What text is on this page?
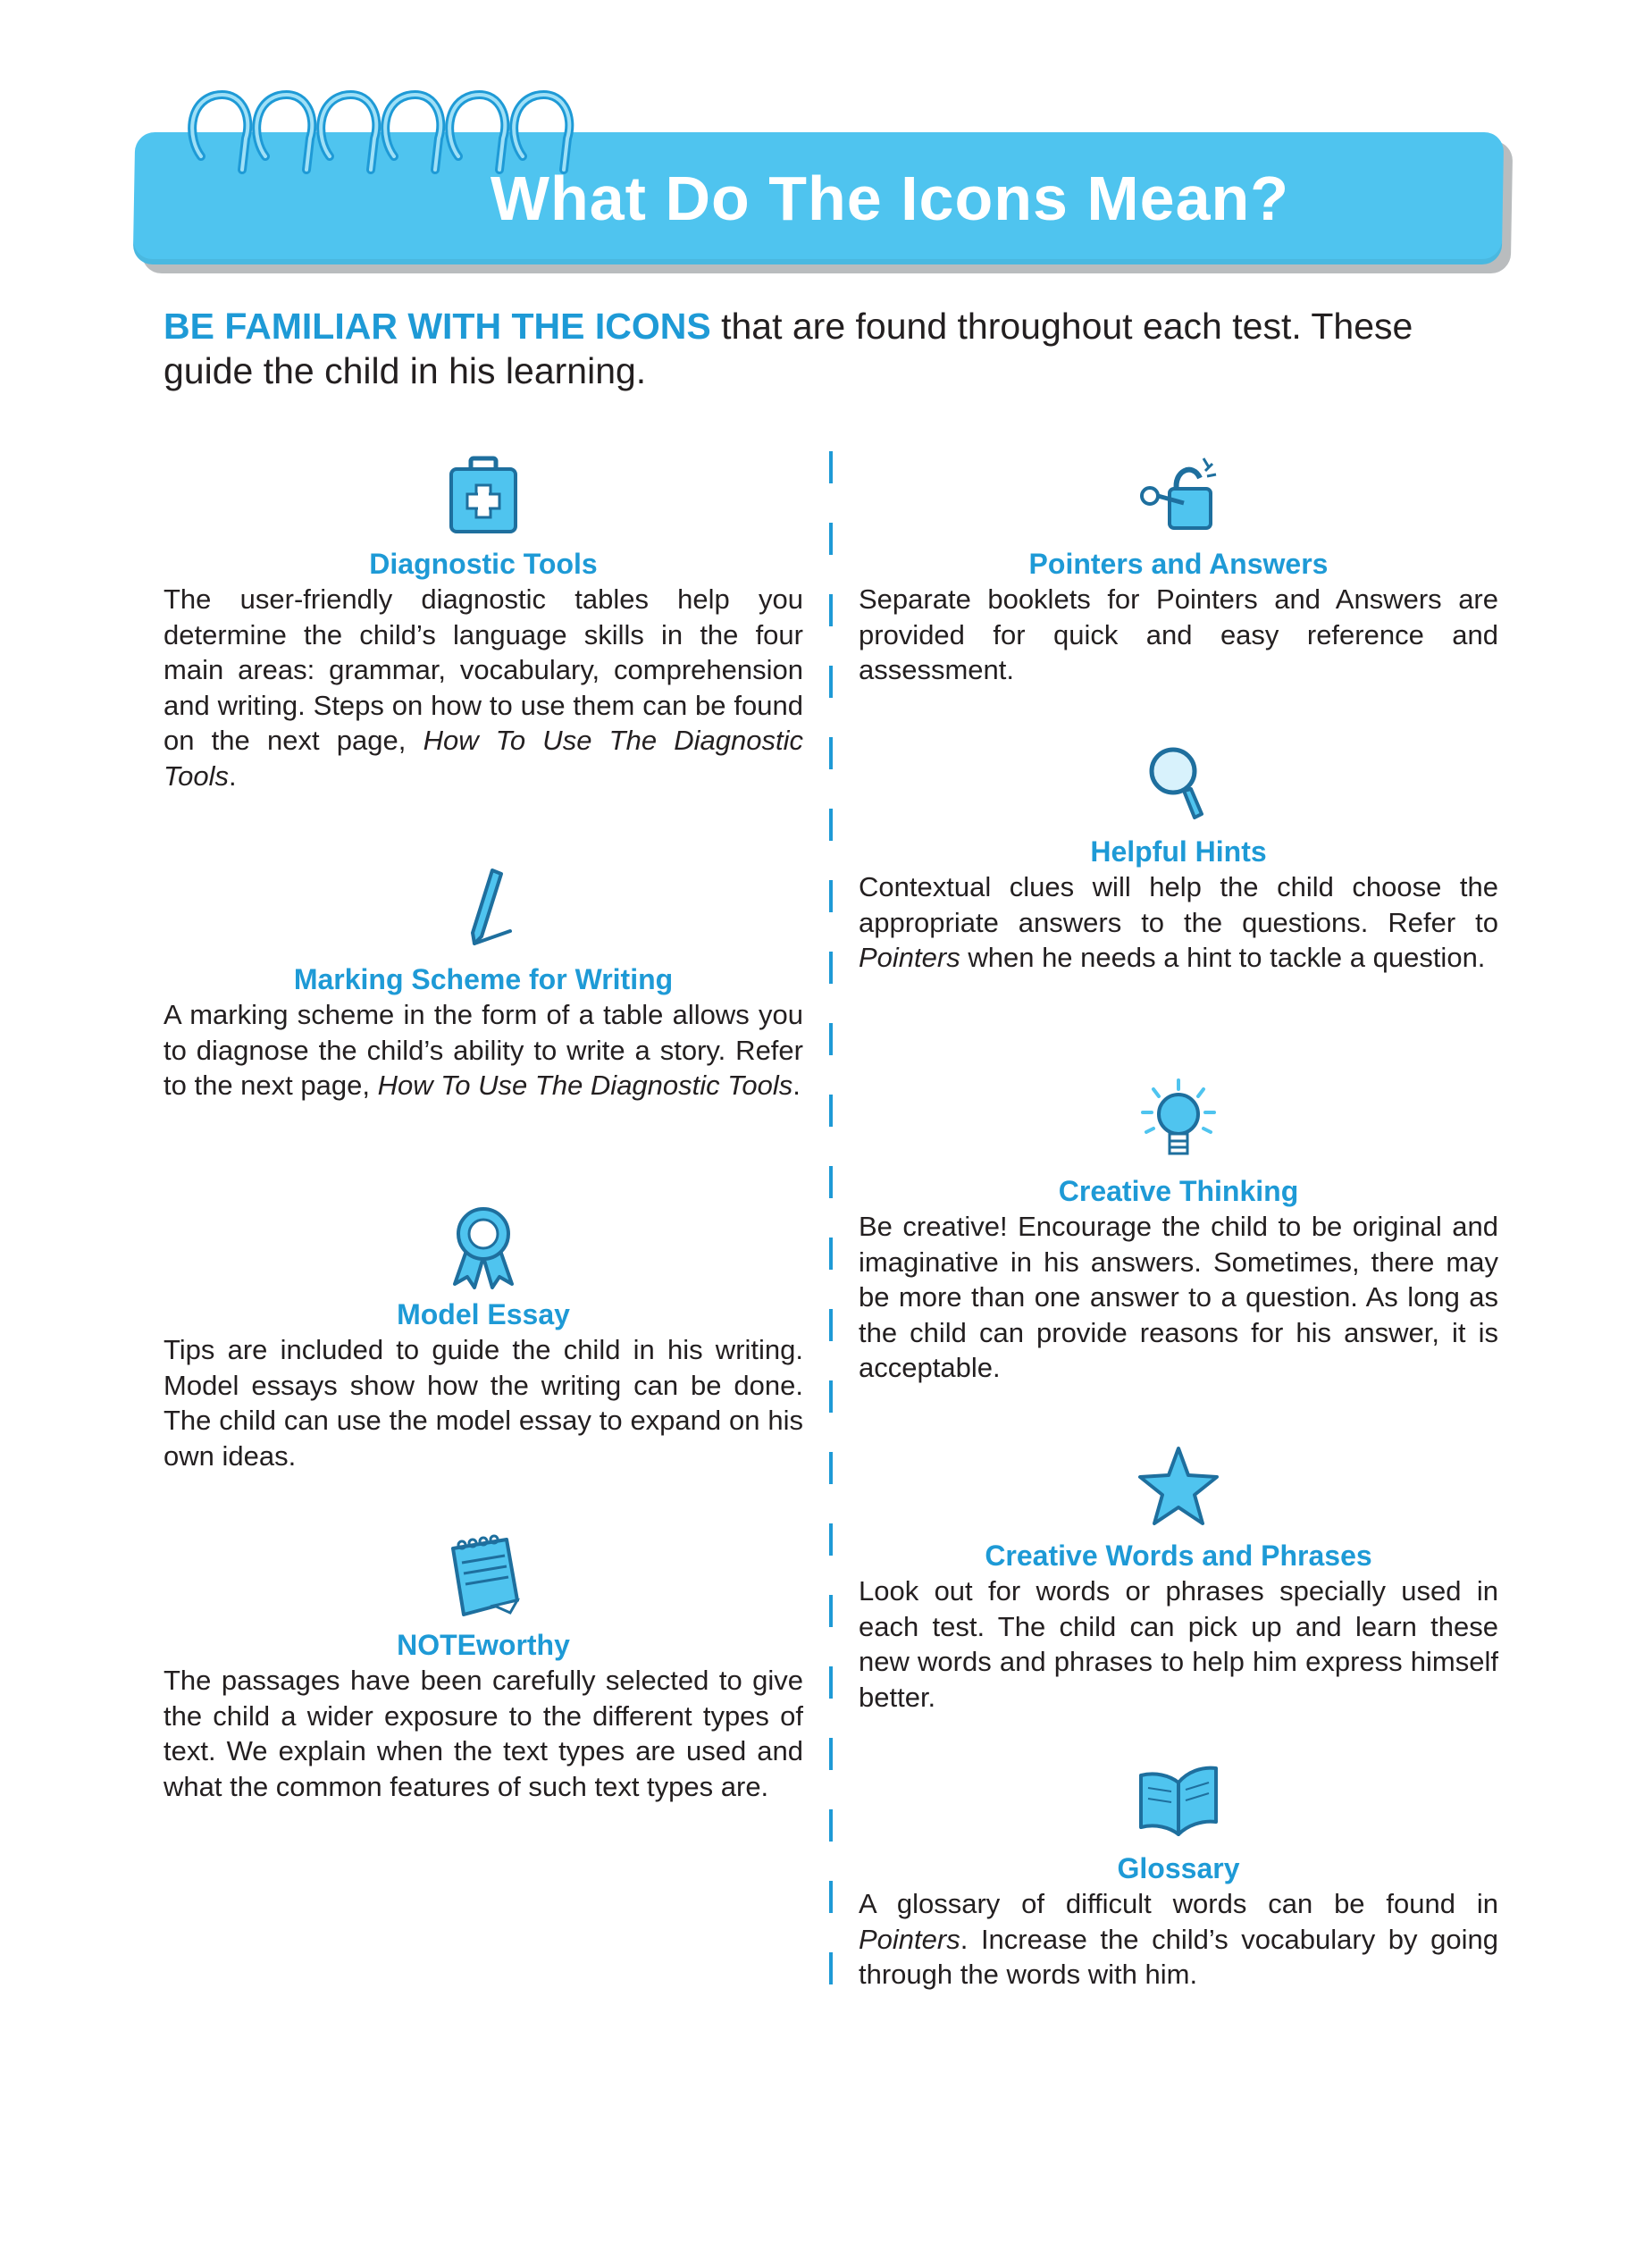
What Do The Icons Mean?
BE FAMILIAR WITH THE ICONS that are found throughout each test. These guide the child in his learning.
Diagnostic Tools
The user-friendly diagnostic tables help you determine the child’s language skills in the four main areas: grammar, vocabulary, comprehension and writing. Steps on how to use them can be found on the next page, How To Use The Diagnostic Tools.
Marking Scheme for Writing
A marking scheme in the form of a table allows you to diagnose the child’s ability to write a story. Refer to the next page, How To Use The Diagnostic Tools.
Model Essay
Tips are included to guide the child in his writing. Model essays show how the writing can be done. The child can use the model essay to expand on his own ideas.
NOTEworthy
The passages have been carefully selected to give the child a wider exposure to the different types of text. We explain when the text types are used and what the common features of such text types are.
Pointers and Answers
Separate booklets for Pointers and Answers are provided for quick and easy reference and assessment.
Helpful Hints
Contextual clues will help the child choose the appropriate answers to the questions. Refer to Pointers when he needs a hint to tackle a question.
Creative Thinking
Be creative! Encourage the child to be original and imaginative in his answers. Sometimes, there may be more than one answer to a question. As long as the child can provide reasons for his answer, it is acceptable.
Creative Words and Phrases
Look out for words or phrases specially used in each test. The child can pick up and learn these new words and phrases to help him express himself better.
Glossary
A glossary of difficult words can be found in Pointers. Increase the child’s vocabulary by going through the words with him.
